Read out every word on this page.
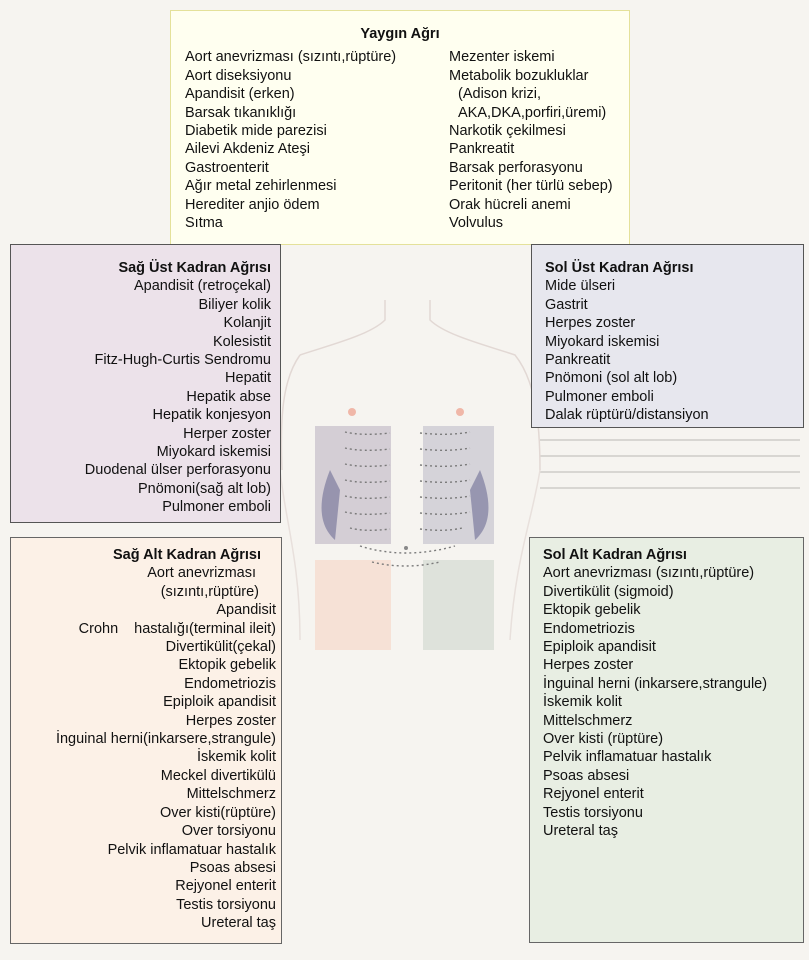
Yaygın Ağrı
Aort anevrizması (sızıntı,rüptüre)
Aort diseksiyonu
Apandisit (erken)
Barsak tıkanıklığı
Diabetik mide parezisi
Ailevi Akdeniz Ateşi
Gastroenterit
Ağır metal zehirlenmesi
Herediter anjio ödem
Sıtma
Mezenter iskemi
Metabolik bozukluklar
(Adison krizi,
AKA,DKA,porfiri,üremi)
Narkotik çekilmesi
Pankreatit
Barsak perforasyonu
Peritonit (her türlü sebep)
Orak hücreli anemi
Volvulus
Sağ Üst Kadran Ağrısı
Apandisit (retroçekal)
Biliyer kolik
Kolanjit
Kolesistit
Fitz-Hugh-Curtis Sendromu
Hepatit
Hepatik abse
Hepatik konjesyon
Herper zoster
Miyokard iskemisi
Duodenal ülser perforasyonu
Pnömoni(sağ alt lob)
Pulmoner emboli
Sol Üst Kadran Ağrısı
Mide ülseri
Gastrit
Herpes zoster
Miyokard iskemisi
Pankreatit
Pnömoni (sol alt lob)
Pulmoner emboli
Dalak rüptürü/distansiyon
Sağ Alt Kadran Ağrısı
Aort anevrizması
(sızıntı,rüptüre)
Apandisit
Crohn hastalığı(terminal ileit)
Divertikülit(çekal)
Ektopik gebelik
Endometriozis
Epiploik apandisit
Herpes zoster
İnguinal herni(inkarsere,strangule)
İskemik kolit
Meckel divertikülü
Mittelschmerz
Over kisti(rüptüre)
Over torsiyonu
Pelvik inflamatuar hastalık
Psoas absesi
Rejyonel enterit
Testis torsiyonu
Ureteral taş
Sol Alt Kadran Ağrısı
Aort anevrizması (sızıntı,rüptüre)
Divertikülit (sigmoid)
Ektopik gebelik
Endometriozis
Epiploik apandisit
Herpes zoster
İnguinal herni (inkarsere,strangule)
İskemik kolit
Mittelschmerz
Over kisti (rüptüre)
Pelvik inflamatuar hastalık
Psoas absesi
Rejyonel enterit
Testis torsiyonu
Ureteral taş
